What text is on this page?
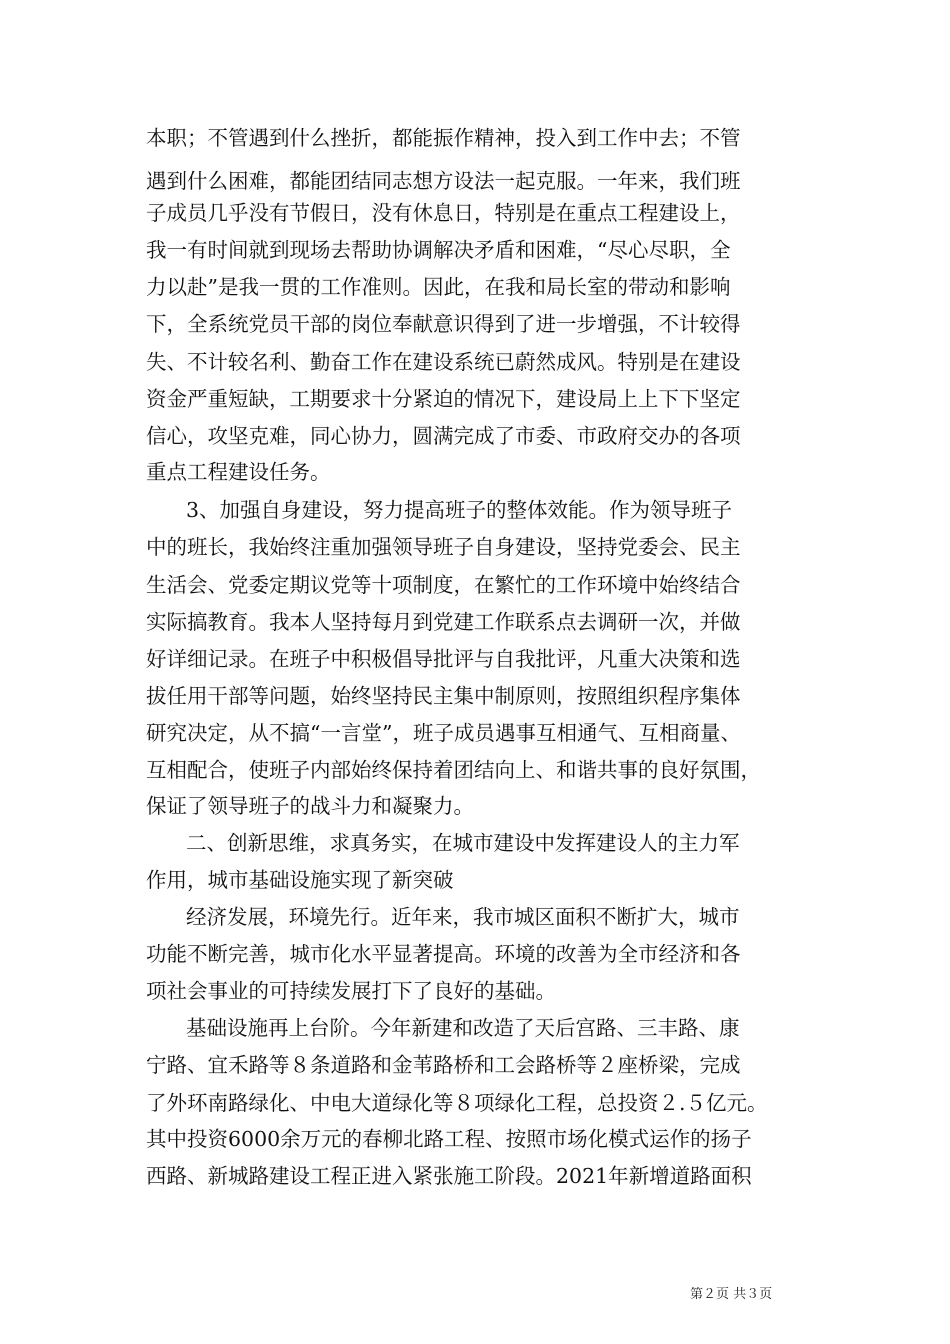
本职；不管遇到什么挫折，都能振作精神，投入到工作中去；不管
遇到什么困难，都能团结同志想方设法一起克服。一年来，我们班
子成员几乎没有节假日，没有休息日，特别是在重点工程建设上，
我一有时间就到现场去帮助协调解决矛盾和困难，“尽心尽职，全
力以赴”是我一贯的工作准则。因此，在我和局长室的带动和影响
下，全系统党员干部的岗位奉献意识得到了进一步增强，不计较得
失、不计较名利、勤奋工作在建设系统已蔚然成风。特别是在建设
资金严重短缺，工期要求十分紧迫的情况下，建设局上上下下坚定
信心，攻坚克难，同心协力，圆满完成了市委、市政府交办的各项
重点工程建设任务。
3、加强自身建设，努力提高班子的整体效能。作为领导班子
中的班长，我始终注重加强领导班子自身建设，坚持党委会、民主
生活会、党委定期议党等十项制度，在繁忙的工作环境中始终结合
实际搞教育。我本人坚持每月到党建工作联系点去调研一次，并做
好详细记录。在班子中积极倡导批评与自我批评，凡重大决策和选
拔任用干部等问题，始终坚持民主集中制原则，按照组织程序集体
研究决定，从不搞“一言堂”，班子成员遇事互相通气、互相商量、
互相配合，使班子内部始终保持着团结向上、和谐共事的良好氛围，
保证了领导班子的战斗力和凝聚力。
二、创新思维，求真务实，在城市建设中发挥建设人的主力军
作用，城市基础设施实现了新突破
经济发展，环境先行。近年来，我市城区面积不断扩大，城市
功能不断完善，城市化水平显著提高。环境的改善为全市经济和各
项社会事业的可持续发展打下了良好的基础。
基础设施再上台阶。今年新建和改造了天后宫路、三丰路、康
宁路、宜禾路等８条道路和金苇路桥和工会路桥等２座桥梁，完成
了外环南路绿化、中电大道绿化等８项绿化工程，总投资２.５亿元。
其中投资6000余万元的春柳北路工程、按照市场化模式运作的扬子
西路、新城路建设工程正进入紧张施工阶段。2021年新增道路面积
第２页 共３页
